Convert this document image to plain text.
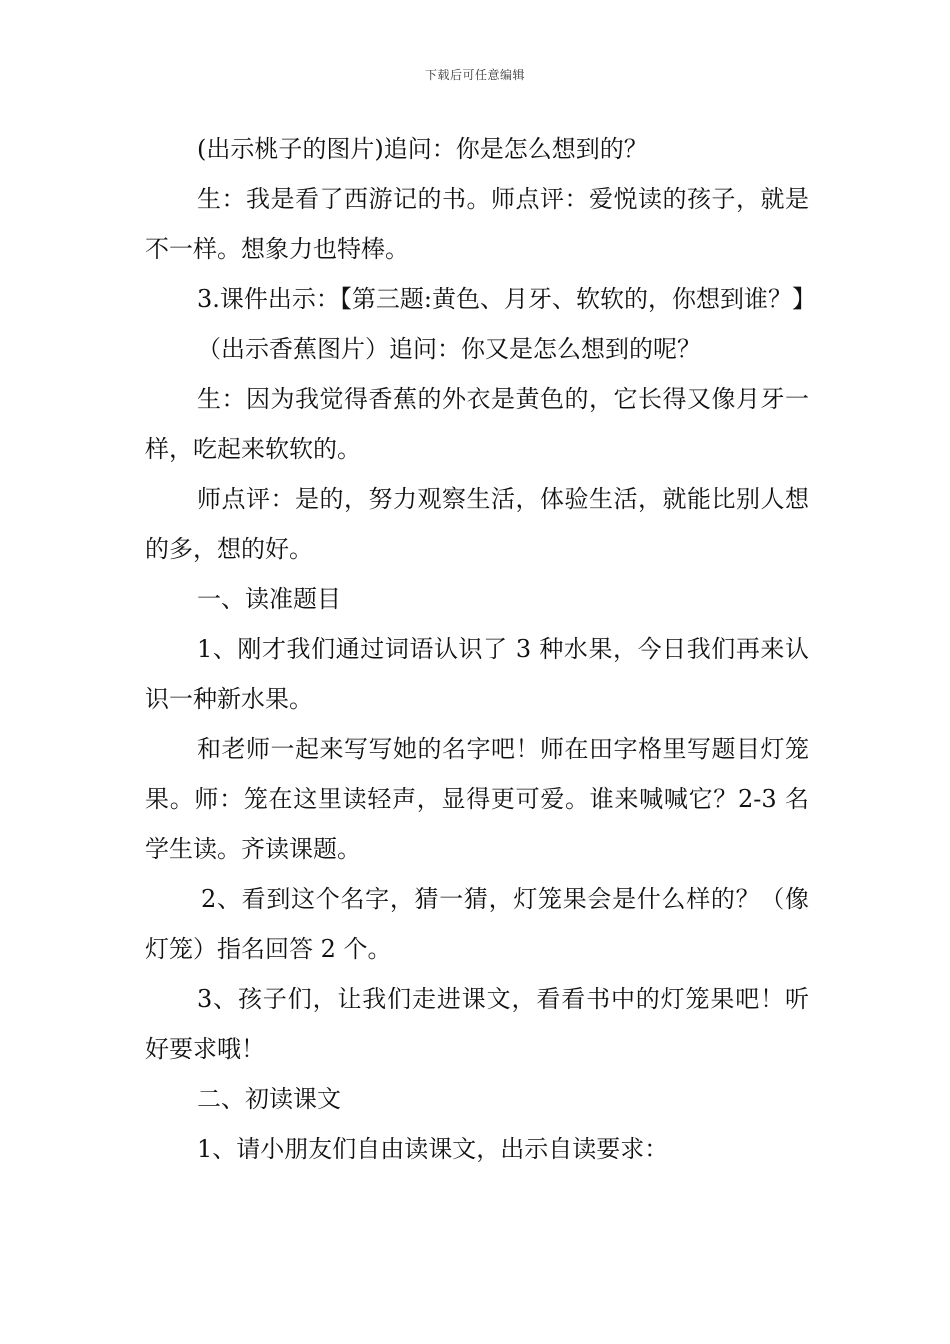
下载后可任意编辑

(出示桃子的图片)追问：你是怎么想到的？

生：我是看了西游记的书。师点评：爱悦读的孩子，就是不一样。想象力也特棒。

3.课件出示：【第三题:黄色、月牙、软软的，你想到谁？】

（出示香蕉图片）追问：你又是怎么想到的呢？

生：因为我觉得香蕉的外衣是黄色的，它长得又像月牙一样，吃起来软软的。

师点评：是的，努力观察生活，体验生活，就能比别人想的多，想的好。

一、读准题目

1、刚才我们通过词语认识了 3 种水果，今日我们再来认识一种新水果。

和老师一起来写写她的名字吧！师在田字格里写题目灯笼果。师：笼在这里读轻声，显得更可爱。谁来喊喊它？2-3 名学生读。齐读课题。

2、看到这个名字，猜一猜，灯笼果会是什么样的？（像灯笼）指名回答 2 个。

3、孩子们，让我们走进课文，看看书中的灯笼果吧！听好要求哦！

二、初读课文

1、请小朋友们自由读课文，出示自读要求：
